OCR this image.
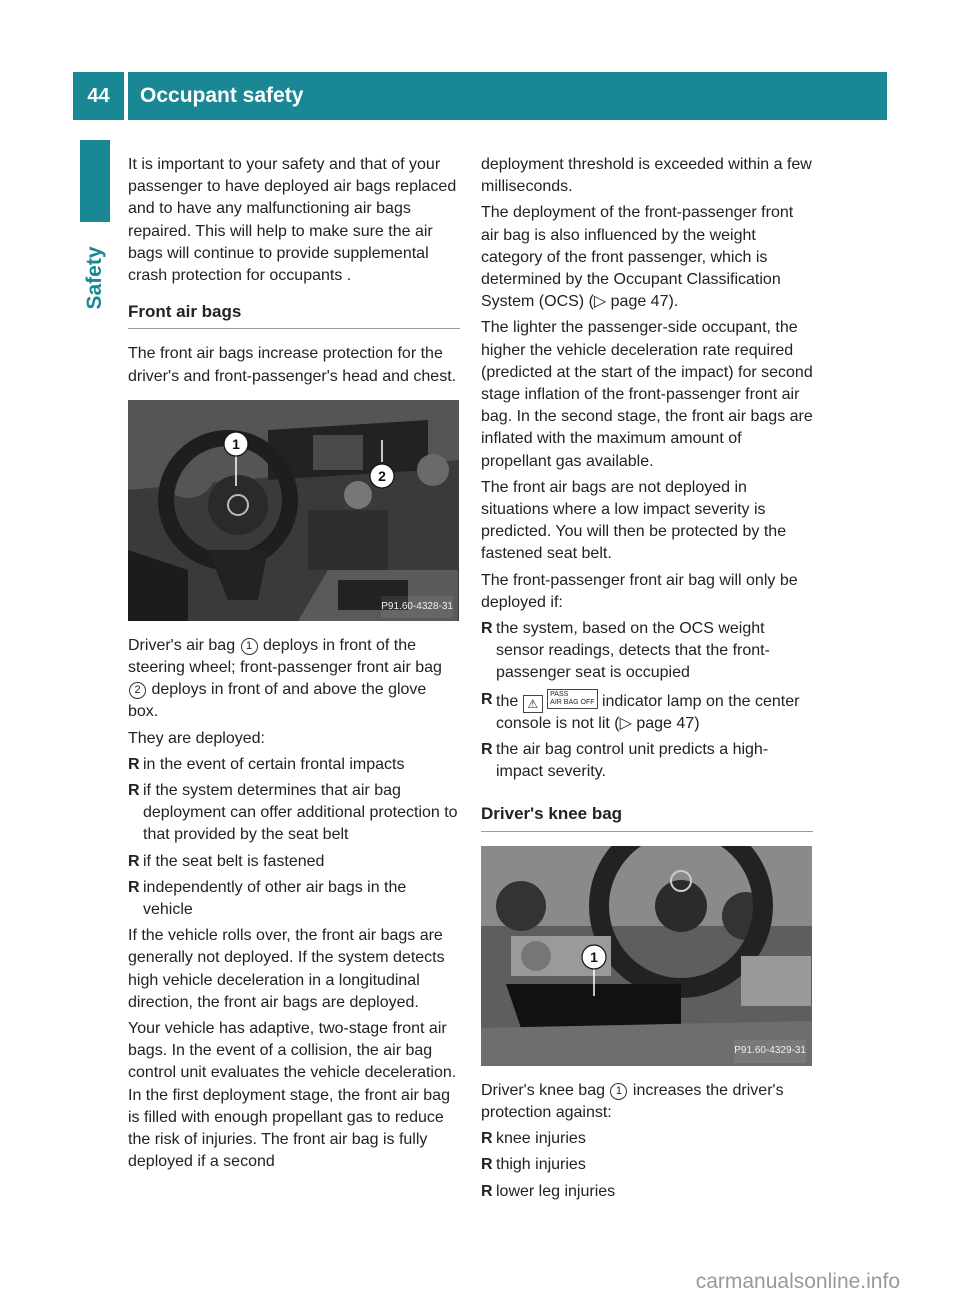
44	Occupant safety
Safety

It is important to your safety and that of your passenger to have deployed air bags replaced and to have any malfunctioning air bags repaired. This will help to make sure the air bags will continue to provide supplemental crash protection for occupants .

Front air bags

The front air bags increase protection for the driver's and front-passenger's head and chest.

1
2
P91.60-4328-31

Driver's air bag 1 deploys in front of the steering wheel; front-passenger front air bag 2 deploys in front of and above the glove box.

They are deployed:

R in the event of certain frontal impacts
R if the system determines that air bag deployment can offer additional protection to that provided by the seat belt
R if the seat belt is fastened
R independently of other air bags in the vehicle

If the vehicle rolls over, the front air bags are generally not deployed. If the system detects high vehicle deceleration in a longitudinal direction, the front air bags are deployed.

Your vehicle has adaptive, two-stage front air bags. In the event of a collision, the air bag control unit evaluates the vehicle deceleration. In the first deployment stage, the front air bag is filled with enough propellant gas to reduce the risk of injuries. The front air bag is fully deployed if a second

deployment threshold is exceeded within a few milliseconds.

The deployment of the front-passenger front air bag is also influenced by the weight category of the front passenger, which is determined by the Occupant Classification System (OCS) (▷ page 47).

The lighter the passenger-side occupant, the higher the vehicle deceleration rate required (predicted at the start of the impact) for second stage inflation of the front-passenger front air bag. In the second stage, the front air bags are inflated with the maximum amount of propellant gas available.

The front air bags are not deployed in situations where a low impact severity is predicted. You will then be protected by the fastened seat belt.

The front-passenger front air bag will only be deployed if:

R the system, based on the OCS weight sensor readings, detects that the front-passenger seat is occupied
R the ⚠ PASS
AIR BAG OFF indicator lamp on the center console is not lit (▷ page 47)
R the air bag control unit predicts a high-impact severity.
Driver's knee bag
1
P91.60-4329-31

Driver's knee bag 1 increases the driver's protection against:

R knee injuries
R thigh injuries
R lower leg injuries
carmanualsonline.info
